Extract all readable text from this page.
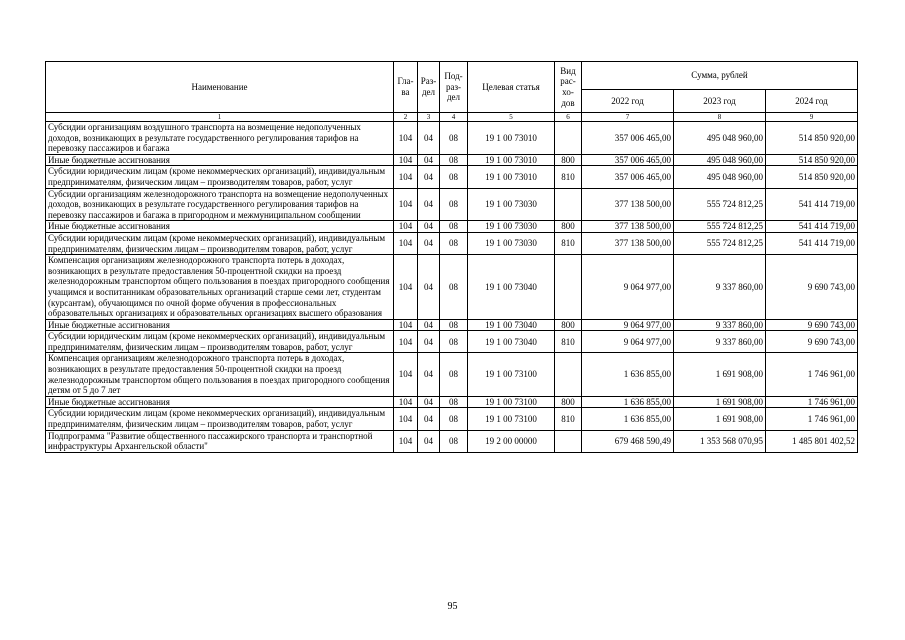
Наименование	Гла-ва	Раз-дел	Под-раз-дел	Целевая статья	Вид рас-хо-дов	Сумма, рублей		
						2022 год	2023 год	2024 год
1	2	3	4	5	6	7	8	9
Субсидии организациям воздушного транспорта на возмещение недополученных доходов, возникающих в результате государственного регулирования тарифов на перевозку пассажиров и багажа	104	04	08	19 1 00 73010		357 006 465,00	495 048 960,00	514 850 920,00
Иные бюджетные ассигнования	104	04	08	19 1 00 73010	800	357 006 465,00	495 048 960,00	514 850 920,00
Субсидии юридическим лицам (кроме некоммерческих организаций), индивидуальным предпринимателям, физическим лицам – производителям товаров, работ, услуг	104	04	08	19 1 00 73010	810	357 006 465,00	495 048 960,00	514 850 920,00
Субсидии организациям железнодорожного транспорта на возмещение недополученных доходов, возникающих в результате государственного регулирования тарифов на перевозку пассажиров и багажа в пригородном и межмуниципальном сообщении	104	04	08	19 1 00 73030		377 138 500,00	555 724 812,25	541 414 719,00
Иные бюджетные ассигнования	104	04	08	19 1 00 73030	800	377 138 500,00	555 724 812,25	541 414 719,00
Субсидии юридическим лицам (кроме некоммерческих организаций), индивидуальным предпринимателям, физическим лицам – производителям товаров, работ, услуг	104	04	08	19 1 00 73030	810	377 138 500,00	555 724 812,25	541 414 719,00
Компенсация организациям железнодорожного транспорта потерь в доходах, возникающих в результате предоставления 50-процентной скидки на проезд железнодорожным транспортом общего пользования в поездах пригородного сообщения учащимся и воспитанникам образовательных организаций старше семи лет, студентам (курсантам), обучающимся по очной форме обучения в профессиональных образовательных организациях и образовательных организациях высшего образования	104	04	08	19 1 00 73040		9 064 977,00	9 337 860,00	9 690 743,00
Иные бюджетные ассигнования	104	04	08	19 1 00 73040	800	9 064 977,00	9 337 860,00	9 690 743,00
Субсидии юридическим лицам (кроме некоммерческих организаций), индивидуальным предпринимателям, физическим лицам – производителям товаров, работ, услуг	104	04	08	19 1 00 73040	810	9 064 977,00	9 337 860,00	9 690 743,00
Компенсация организациям железнодорожного транспорта потерь в доходах, возникающих в результате предоставления 50-процентной скидки на проезд железнодорожным транспортом общего пользования в поездах пригородного сообщения детям от 5 до 7 лет	104	04	08	19 1 00 73100		1 636 855,00	1 691 908,00	1 746 961,00
Иные бюджетные ассигнования	104	04	08	19 1 00 73100	800	1 636 855,00	1 691 908,00	1 746 961,00
Субсидии юридическим лицам (кроме некоммерческих организаций), индивидуальным предпринимателям, физическим лицам – производителям товаров, работ, услуг	104	04	08	19 1 00 73100	810	1 636 855,00	1 691 908,00	1 746 961,00
Подпрограмма "Развитие общественного пассажирского транспорта и транспортной инфраструктуры Архангельской области"	104	04	08	19 2 00 00000		679 468 590,49	1 353 568 070,95	1 485 801 402,52
95
